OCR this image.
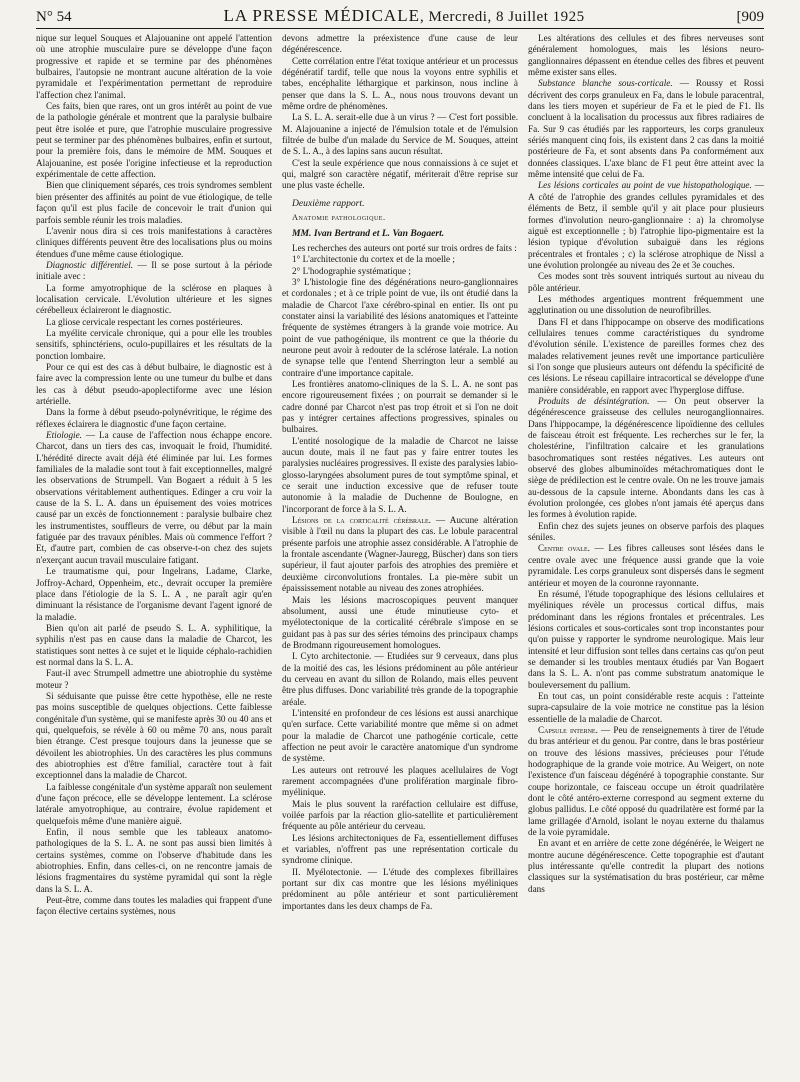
N° 54	LA PRESSE MÉDICALE, Mercredi, 8 Juillet 1925	[909

nique sur lequel Souques et Alajouanine ont appelé l'attention où une atrophie musculaire pure se développe d'une façon progressive et rapide et se termine par des phénomènes bulbaires, l'autopsie ne montrant aucune altération de la voie pyramidale et l'expérimentation permettant de reproduire l'affection chez l'animal.

Ces faits, bien que rares, ont un gros intérêt au point de vue de la pathologie générale et montrent que la paralysie bulbaire peut être isolée et pure, que l'atrophie musculaire progressive peut se terminer par des phénomènes bulbaires, enfin et surtout, pour la première fois, dans le mémoire de MM. Souques et Alajouanine, est posée l'origine infectieuse et la reproduction expérimentale de cette affection.

Bien que cliniquement séparés, ces trois syndromes semblent bien présenter des affinités au point de vue étiologique, de telle façon qu'il est plus facile de concevoir le trait d'union qui parfois semble réunir les trois maladies.

L'avenir nous dira si ces trois manifestations à caractères cliniques différents peuvent être des localisations plus ou moins étendues d'une même cause étiologique.

Diagnostic différentiel. — Il se pose surtout à la période initiale avec :

La forme amyotrophique de la sclérose en plaques à localisation cervicale. L'évolution ultérieure et les signes cérébelleux éclaireront le diagnostic.

La gliose cervicale respectant les cornes postérieures.

La myélite cervicale chronique, qui a pour elle les troubles sensitifs, sphinctériens, oculo-pupillaires et les résultats de la ponction lombaire.

Pour ce qui est des cas à début bulbaire, le diagnostic est à faire avec la compression lente ou une tumeur du bulbe et dans les cas à début pseudo-apoplectiforme avec une lésion artérielle.

Dans la forme à début pseudo-polynévritique, le régime des réflexes éclairera le diagnostic d'une façon certaine.

Etiologie. — La cause de l'affection nous échappe encore. Charcot, dans un tiers des cas, invoquait le froid, l'humidité. L'hérédité directe avait déjà été éliminée par lui. Les formes familiales de la maladie sont tout à fait exceptionnelles, malgré les observations de Strumpell. Van Bogaert a réduit à 5 les observations véritablement authentiques. Edinger a cru voir la cause de la S. L. A. dans un épuisement des voies motrices causé par un excès de fonctionnement : paralysie bulbaire chez les instrumentistes, souffleurs de verre, ou début par la main fatiguée par des travaux pénibles. Mais où commence l'effort ? Et, d'autre part, combien de cas observe-t-on chez des sujets n'exerçant aucun travail musculaire fatigant.

Le traumatisme qui, pour Ingelrans, Ladame, Clarke, Joffroy-Achard, Oppenheim, etc., devrait occuper la première place dans l'étiologie de la S. L. A , ne paraît agir qu'en diminuant la résistance de l'organisme devant l'agent ignoré de la maladie.

Bien qu'on ait parlé de pseudo S. L. A. syphilitique, la syphilis n'est pas en cause dans la maladie de Charcot, les statistiques sont nettes à ce sujet et le liquide céphalo-rachidien est normal dans la S. L. A.

Faut-il avec Strumpell admettre une abiotrophie du système moteur ?

Si séduisante que puisse être cette hypothèse, elle ne reste pas moins susceptible de quelques objections. Cette faiblesse congénitale d'un système, qui se manifeste après 30 ou 40 ans et qui, quelquefois, se révèle à 60 ou même 70 ans, nous paraît bien étrange. C'est presque toujours dans la jeunesse que se dévoilent les abiotrophies. Un des caractères les plus communs des abiotrophies est d'être familial, caractère tout à fait exceptionnel dans la maladie de Charcot.

La faiblesse congénitale d'un système apparaît non seulement d'une façon précoce, elle se développe lentement. La sclérose latérale amyotrophique, au contraire, évolue rapidement et quelquefois même d'une manière aiguë.

Enfin, il nous semble que les tableaux anatomo-pathologiques de la S. L. A. ne sont pas aussi bien limités à certains systèmes, comme on l'observe d'habitude dans les abiotrophies. Enfin, dans celles-ci, on ne rencontre jamais de lésions fragmentaires du système pyramidal qui sont la règle dans la S. L. A.

Peut-être, comme dans toutes les maladies qui frappent d'une façon élective certains systèmes, nous

devons admettre la préexistence d'une cause de leur dégénérescence.

Cette corrélation entre l'état toxique antérieur et un processus dégénératif tardif, telle que nous la voyons entre syphilis et tabes, encéphalite léthargique et parkinson, nous incline à penser que dans la S. L. A., nous nous trouvons devant un même ordre de phénomènes.

La S. L. A. serait-elle due à un virus ? — C'est fort possible. M. Alajouanine a injecté de l'émulsion totale et de l'émulsion filtrée de bulbe d'un malade du Service de M. Souques, atteint de S. L. A., à des lapins sans aucun résultat.

C'est la seule expérience que nous connaissions à ce sujet et qui, malgré son caractère négatif, mériterait d'être reprise sur une plus vaste échelle.

Deuxième rapport.

Anatomie pathologique.

MM. Ivan Bertrand et L. Van Bogaert.

Les recherches des auteurs ont porté sur trois ordres de faits :

1° L'architectonie du cortex et de la moelle ;

2° L'hodographie systématique ;

3° L'histologie fine des dégénérations neuro-ganglionnaires et cordonales ; et à ce triple point de vue, ils ont étudié dans la maladie de Charcot l'axe cérébro-spinal en entier. Ils ont pu constater ainsi la variabilité des lésions anatomiques et l'atteinte fréquente de systèmes étrangers à la grande voie motrice. Au point de vue pathogénique, ils montrent ce que la théorie du neurone peut avoir à redouter de la sclérose latérale. La notion de synapse telle que l'entend Sherrington leur a semblé au contraire d'une importance capitale.

Les frontières anatomo-cliniques de la S. L. A. ne sont pas encore rigoureusement fixées ; on pourrait se demander si le cadre donné par Charcot n'est pas trop étroit et si l'on ne doit pas y intégrer certaines affections progressives, spinales ou bulbaires.

L'entité nosologique de la maladie de Charcot ne laisse aucun doute, mais il ne faut pas y faire entrer toutes les paralysies nucléaires progressives. Il existe des paralysies labio-glosso-laryngées absolument pures de tout symptôme spinal, et ce serait une induction excessive que de refuser toute autonomie à la maladie de Duchenne de Boulogne, en l'incorporant de force à la S. L. A.

Lésions de la corticalité cérébrale. — Aucune altération visible à l'œil nu dans la plupart des cas. Le lobule paracentral présente parfois une atrophie assez considérable. A l'atrophie de la frontale ascendante (Wagner-Jauregg, Büscher) dans son tiers supérieur, il faut ajouter parfois des atrophies des première et deuxième circonvolutions frontales. La pie-mère subit un épaississement notable au niveau des zones atrophiées.

Mais les lésions macroscopiques peuvent manquer absolument, aussi une étude minutieuse cyto- et myélotectonique de la corticalité cérébrale s'impose en se guidant pas à pas sur des séries témoins des principaux champs de Brodmann rigoureusement homologues.

I. Cyto architectonie. — Etudiées sur 9 cerveaux, dans plus de la moitié des cas, les lésions prédominent au pôle antérieur du cerveau en avant du sillon de Rolando, mais elles peuvent être plus diffuses. Donc variabilité très grande de la topographie aréale.

L'intensité en profondeur de ces lésions est aussi anarchique qu'en surface. Cette variabilité montre que même si on admet pour la maladie de Charcot une pathogénie corticale, cette affection ne peut avoir le caractère anatomique d'un syndrome de système.

Les auteurs ont retrouvé les plaques acellulaires de Vogt rarement accompagnées d'une prolifération marginale fibro-myélinique.

Mais le plus souvent la raréfaction cellulaire est diffuse, voilée parfois par la réaction glio-satellite et particulièrement fréquente au pôle antérieur du cerveau.

Les lésions architectoniques de Fa, essentiellement diffuses et variables, n'offrent pas une représentation corticale du syndrome clinique.

II. Myélotectonie. — L'étude des complexes fibrillaires portant sur dix cas montre que les lésions myéliniques prédominent au pôle antérieur et sont particulièrement importantes dans les deux champs de Fa.

Les altérations des cellules et des fibres nerveuses sont généralement homologues, mais les lésions neuro-ganglionnaires dépassent en étendue celles des fibres et peuvent même exister sans elles.

Substance blanche sous-corticale. — Roussy et Rossi décrivent des corps granuleux en Fa, dans le lobule paracentral, dans les tiers moyen et supérieur de Fa et le pied de F1. Ils concluent à la localisation du processus aux fibres radiaires de Fa. Sur 9 cas étudiés par les rapporteurs, les corps granuleux sériés manquent cinq fois, ils existent dans 2 cas dans la moitié postérieure de Fa, et sont absents dans Pa conformément aux données classiques. L'axe blanc de F1 peut être atteint avec la même intensité que celui de Fa.

Les lésions corticales au point de vue histopathologique. — A côté de l'atrophie des grandes cellules pyramidales et des éléments de Betz, il semble qu'il y ait place pour plusieurs formes d'involution neuro-ganglionnaire : a) la chromolyse aiguë est exceptionnelle ; b) l'atrophie lipo-pigmentaire est la lésion typique d'évolution subaiguë dans les régions précentrales et frontales ; c) la sclérose atrophique de Nissl a une évolution prolongée au niveau des 2e et 3e couches.

Ces modes sont très souvent intriqués surtout au niveau du pôle antérieur.

Les méthodes argentiques montrent fréquemment une agglutination ou une dissolution de neurofibrilles.

Dans FI et dans l'hippocampe on observe des modifications cellulaires tenues comme caractéristiques du syndrome d'évolution sénile. L'existence de pareilles formes chez des malades relativement jeunes revêt une importance particulière si l'on songe que plusieurs auteurs ont défendu la spécificité de ces lésions. Le réseau capillaire intracortical se développe d'une manière considérable, en rapport avec l'hyperglose diffuse.

Produits de désintégration. — On peut observer la dégénérescence graisseuse des cellules neuroganglionnaires. Dans l'hippocampe, la dégénérescence lipoïdienne des cellules de faisceau étroit est fréquente. Les recherches sur le fer, la cholestérine, l'infiltration calcaire et les granulations basochromatiques sont restées négatives. Les auteurs ont observé des globes albuminoïdes métachromatiques dont le siège de prédilection est le centre ovale. On ne les trouve jamais au-dessous de la capsule interne. Abondants dans les cas à évolution prolongée, ces globes n'ont jamais été aperçus dans les formes à évolution rapide.

Enfin chez des sujets jeunes on observe parfois des plaques séniles.

Centre ovale. — Les fibres calleuses sont lésées dans le centre ovale avec une fréquence aussi grande que la voie pyramidale. Les corps granuleux sont dispersés dans le segment antérieur et moyen de la couronne rayonnante.

En résumé, l'étude topographique des lésions cellulaires et myéliniques révèle un processus cortical diffus, mais prédominant dans les régions frontales et précentrales. Les lésions corticales et sous-corticales sont trop inconstantes pour qu'on puisse y rapporter le syndrome neurologique. Mais leur intensité et leur diffusion sont telles dans certains cas qu'on peut se demander si les troubles mentaux étudiés par Van Bogaert dans la S. L. A. n'ont pas comme substratum anatomique le bouleversement du pallium.

En tout cas, un point considérable reste acquis : l'atteinte supra-capsulaire de la voie motrice ne constitue pas la lésion essentielle de la maladie de Charcot.

Capsule interne. — Peu de renseignements à tirer de l'étude du bras antérieur et du genou. Par contre, dans le bras postérieur on trouve des lésions massives, précieuses pour l'étude hodographique de la grande voie motrice. Au Weigert, on note l'existence d'un faisceau dégénéré à topographie constante. Sur coupe horizontale, ce faisceau occupe un étroit quadrilatère dont le côté antéro-externe correspond au segment externe du globus pallidus. Le côté opposé du quadrilatère est formé par la lame grillagée d'Arnold, isolant le noyau externe du thalamus de la voie pyramidale.

En avant et en arrière de cette zone dégénérée, le Weigert ne montre aucune dégénérescence. Cette topographie est d'autant plus intéressante qu'elle contredit la plupart des notions classiques sur la systématisation du bras postérieur, car même dans
